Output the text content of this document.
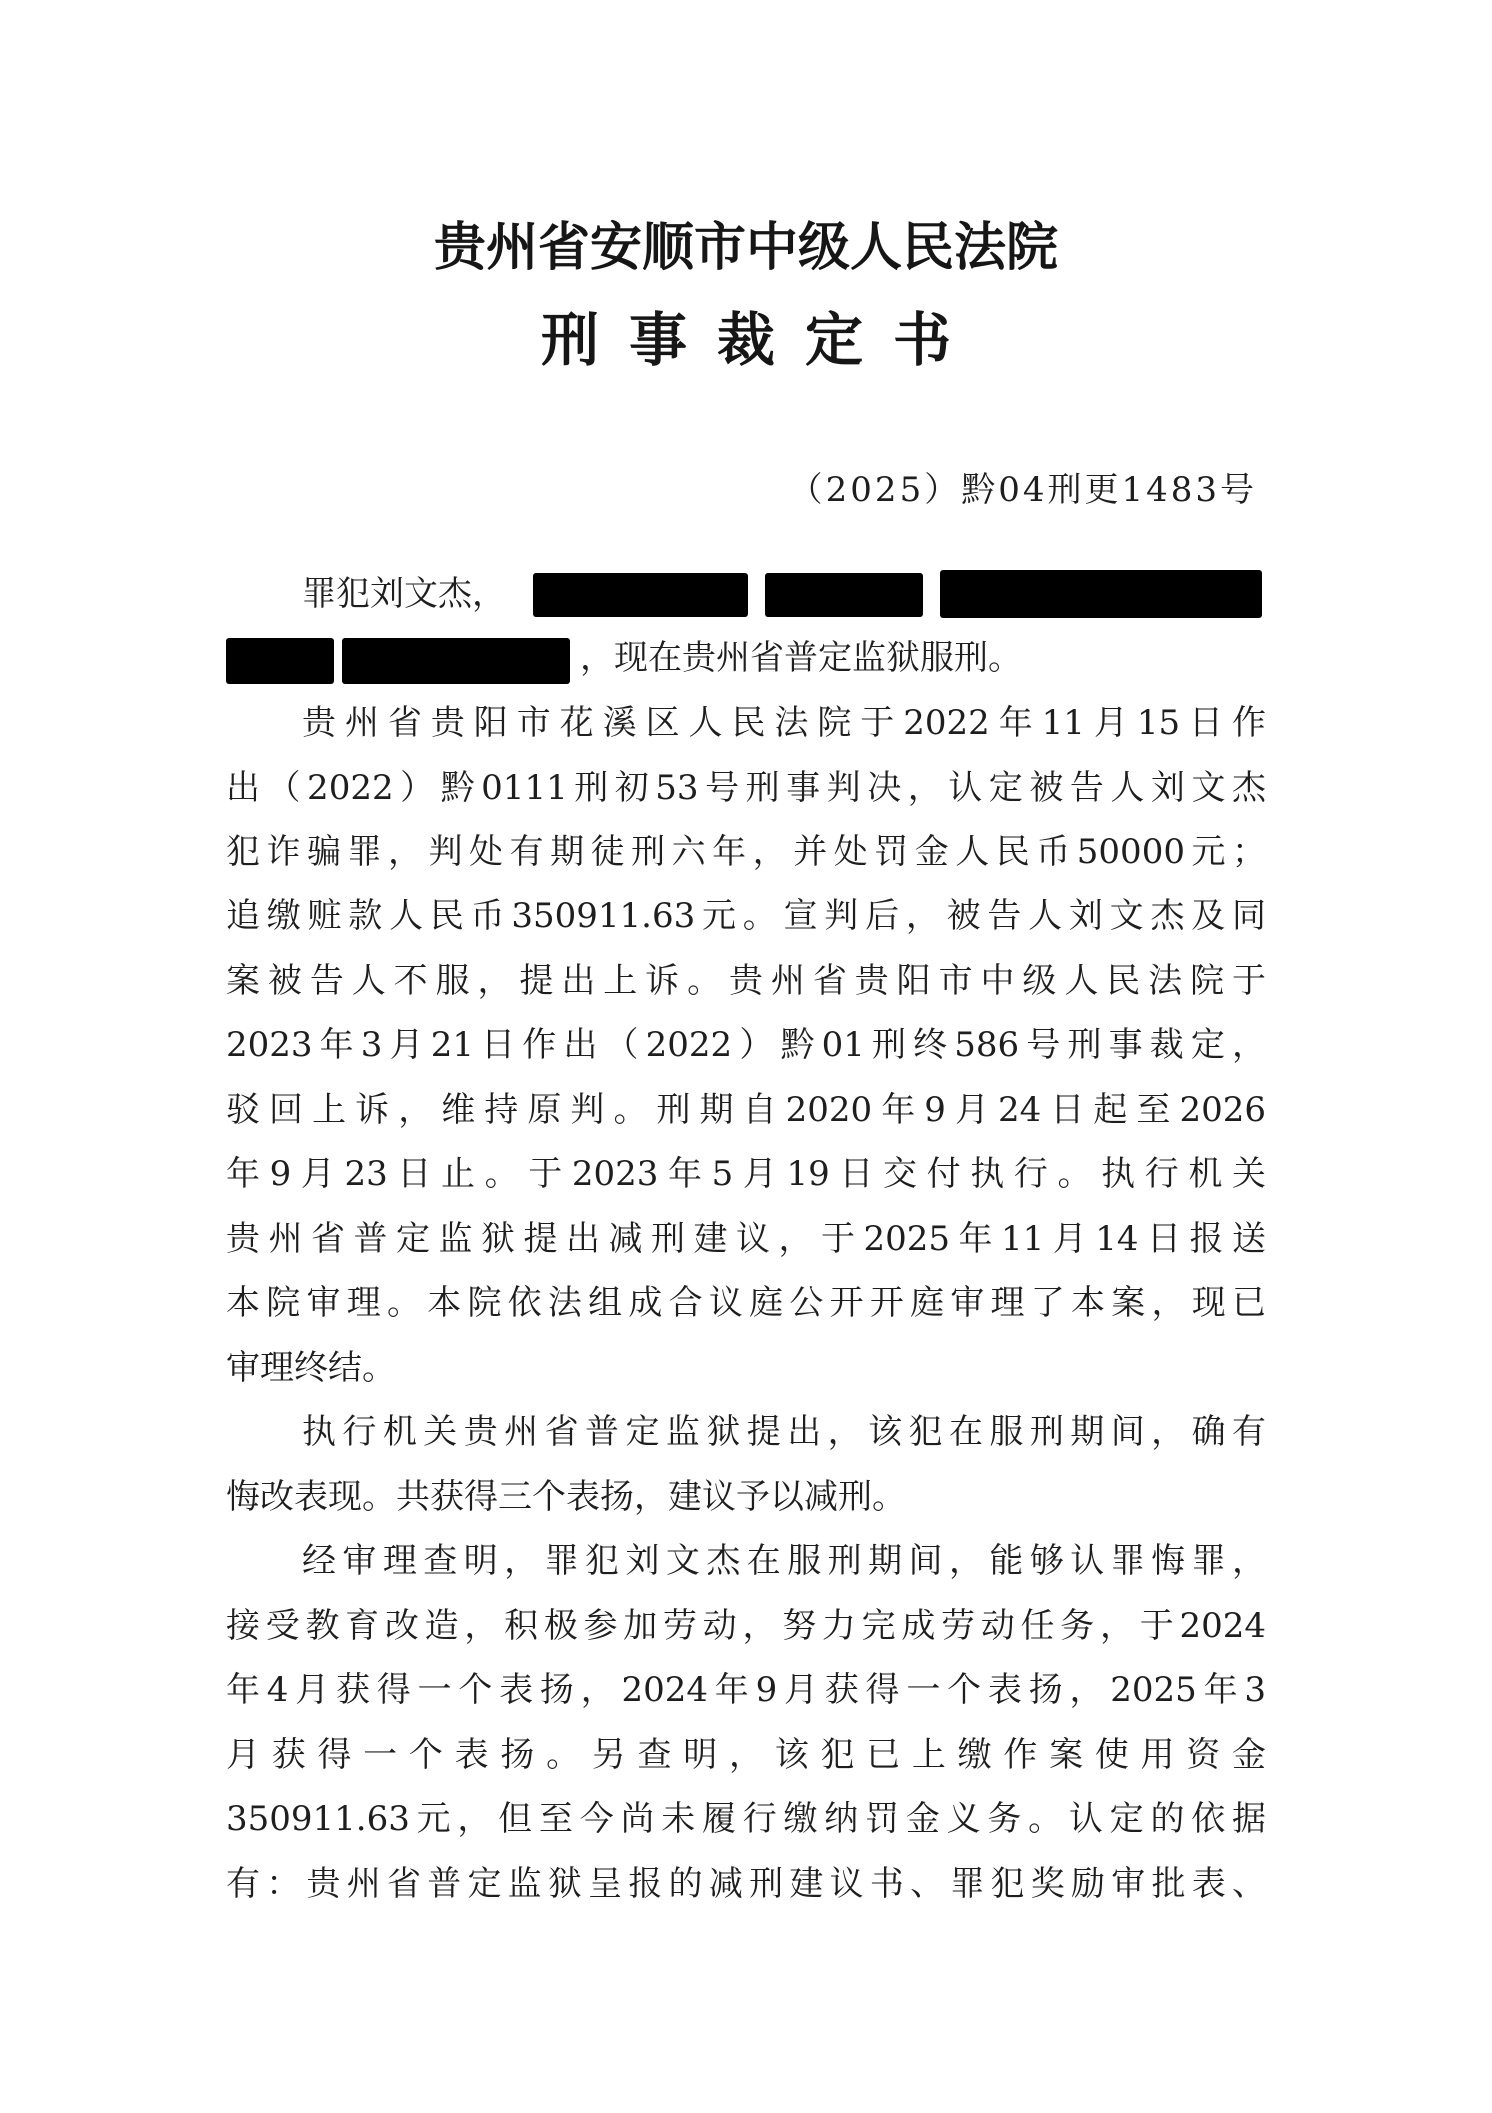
贵州省安顺市中级人民法院
刑事裁定书
（2025）黔04刑更1483号
罪犯刘文杰，
，现在贵州省普定监狱服刑。
贵州省贵阳市花溪区人民法院于2022年11月15日作
出（2022）黔0111刑初53号刑事判决，认定被告人刘文杰
犯诈骗罪，判处有期徒刑六年，并处罚金人民币50000元；
追缴赃款人民币350911.63元。宣判后，被告人刘文杰及同
案被告人不服，提出上诉。贵州省贵阳市中级人民法院于
2023年3月21日作出（2022）黔01刑终586号刑事裁定，
驳回上诉，维持原判。刑期自2020年9月24日起至2026
年9月23日止。于2023年5月19日交付执行。执行机关
贵州省普定监狱提出减刑建议，于2025年11月14日报送
本院审理。本院依法组成合议庭公开开庭审理了本案，现已
审理终结。
执行机关贵州省普定监狱提出，该犯在服刑期间，确有
悔改表现。共获得三个表扬，建议予以减刑。
经审理查明，罪犯刘文杰在服刑期间，能够认罪悔罪，
接受教育改造，积极参加劳动，努力完成劳动任务，于2024
年4月获得一个表扬，2024年9月获得一个表扬，2025年3
月获得一个表扬。另查明，该犯已上缴作案使用资金
350911.63元，但至今尚未履行缴纳罚金义务。认定的依据
有：贵州省普定监狱呈报的减刑建议书、罪犯奖励审批表、
